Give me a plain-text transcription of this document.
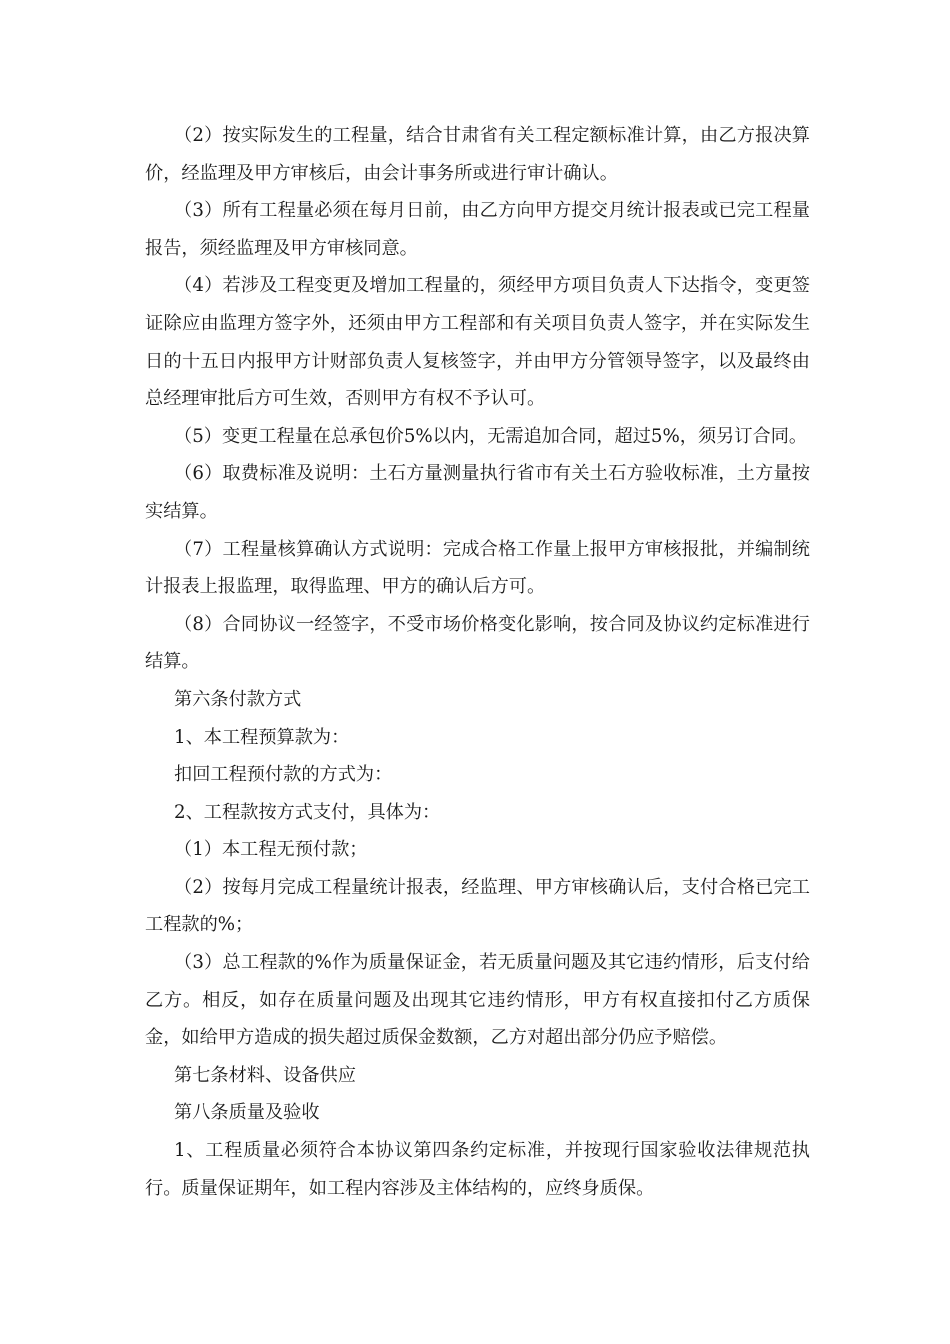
（2）按实际发生的工程量，结合甘肃省有关工程定额标准计算，由乙方报决算价，经监理及甲方审核后，由会计事务所或进行审计确认。

（3）所有工程量必须在每月日前，由乙方向甲方提交月统计报表或已完工程量报告，须经监理及甲方审核同意。

（4）若涉及工程变更及增加工程量的，须经甲方项目负责人下达指令，变更签证除应由监理方签字外，还须由甲方工程部和有关项目负责人签字，并在实际发生日的十五日内报甲方计财部负责人复核签字，并由甲方分管领导签字，以及最终由总经理审批后方可生效，否则甲方有权不予认可。

（5）变更工程量在总承包价5%以内，无需追加合同，超过5%，须另订合同。

（6）取费标准及说明：土石方量测量执行省市有关土石方验收标准，土方量按实结算。

（7）工程量核算确认方式说明：完成合格工作量上报甲方审核报批，并编制统计报表上报监理，取得监理、甲方的确认后方可。

（8）合同协议一经签字，不受市场价格变化影响，按合同及协议约定标准进行结算。

第六条付款方式

1、本工程预算款为：

扣回工程预付款的方式为：

2、工程款按方式支付，具体为：

（1）本工程无预付款；

（2）按每月完成工程量统计报表，经监理、甲方审核确认后，支付合格已完工工程款的%；

（3）总工程款的%作为质量保证金，若无质量问题及其它违约情形，后支付给乙方。相反，如存在质量问题及出现其它违约情形，甲方有权直接扣付乙方质保金，如给甲方造成的损失超过质保金数额，乙方对超出部分仍应予赔偿。

第七条材料、设备供应

第八条质量及验收

1、工程质量必须符合本协议第四条约定标准，并按现行国家验收法律规范执行。质量保证期年，如工程内容涉及主体结构的，应终身质保。
